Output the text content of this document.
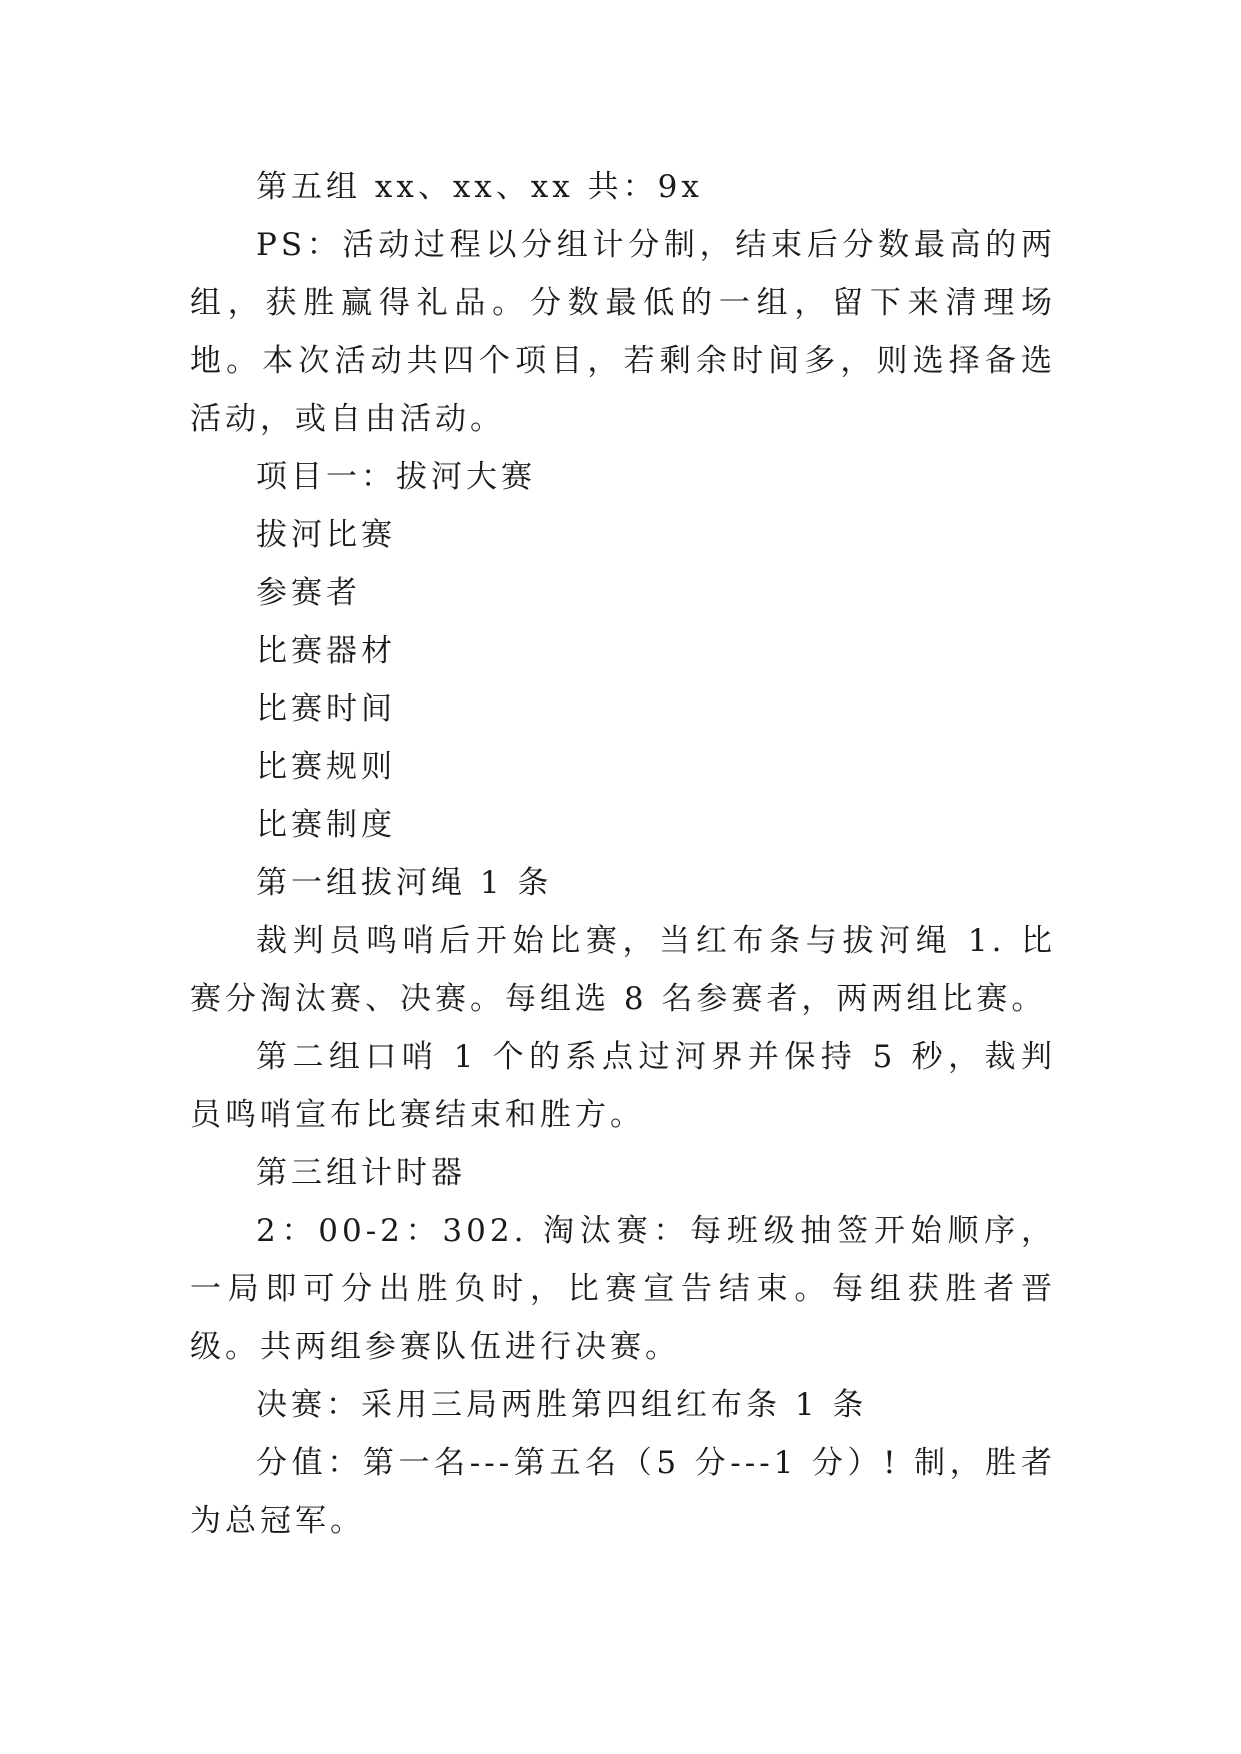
第五组 xx、xx、xx 共：9x

PS：活动过程以分组计分制，结束后分数最高的两组，获胜赢得礼品。分数最低的一组，留下来清理场地。本次活动共四个项目，若剩余时间多，则选择备选活动，或自由活动。

项目一：拔河大赛

拔河比赛

参赛者

比赛器材

比赛时间

比赛规则

比赛制度

第一组拔河绳 1 条

裁判员鸣哨后开始比赛，当红布条与拔河绳 1. 比赛分淘汰赛、决赛。每组选 8 名参赛者，两两组比赛。

第二组口哨 1 个的系点过河界并保持 5 秒，裁判员鸣哨宣布比赛结束和胜方。

第三组计时器

2：00-2：302. 淘汰赛：每班级抽签开始顺序，一局即可分出胜负时，比赛宣告结束。每组获胜者晋级。共两组参赛队伍进行决赛。

决赛：采用三局两胜第四组红布条 1 条

分值：第一名---第五名（5 分---1 分）! 制，胜者为总冠军。
